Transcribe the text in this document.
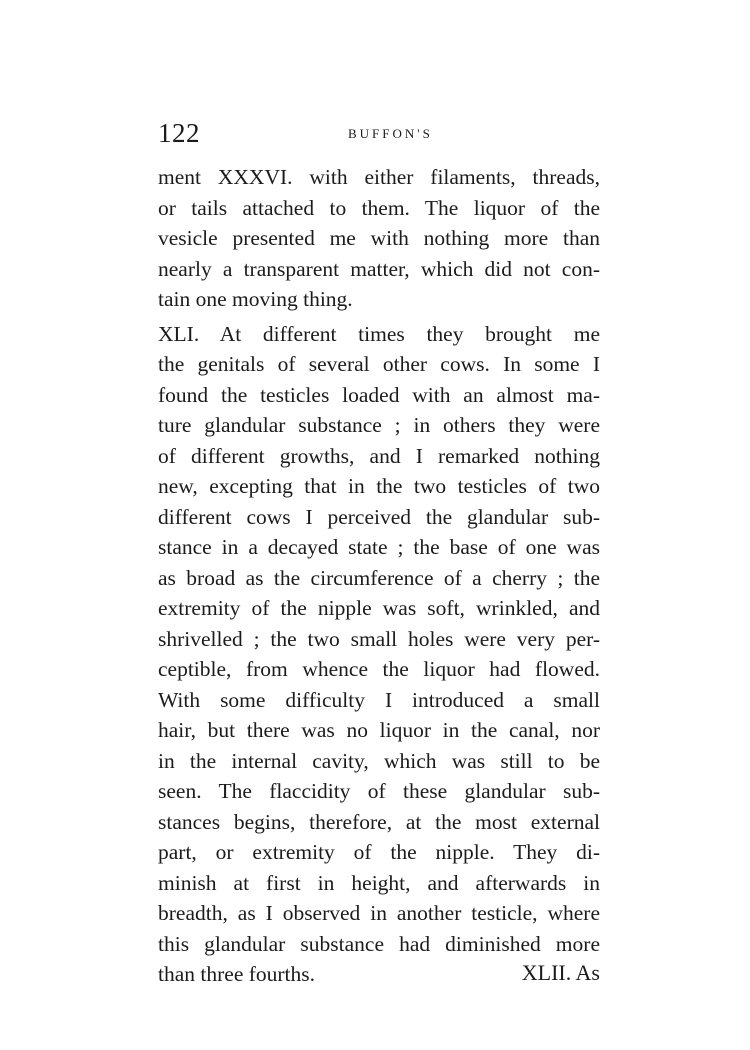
122	BUFFON'S
ment XXXVI. with either filaments, threads,
or tails attached to them. The liquor of the
vesicle presented me with nothing more than
nearly a transparent matter, which did not con-
tain one moving thing.
XLI. At different times they brought me
the genitals of several other cows. In some I
found the testicles loaded with an almost ma-
ture glandular substance ; in others they were
of different growths, and I remarked nothing
new, excepting that in the two testicles of two
different cows I perceived the glandular sub-
stance in a decayed state ; the base of one was
as broad as the circumference of a cherry ; the
extremity of the nipple was soft, wrinkled, and
shrivelled ; the two small holes were very per-
ceptible, from whence the liquor had flowed.
With some difficulty I introduced a small
hair, but there was no liquor in the canal, nor
in the internal cavity, which was still to be
seen. The flaccidity of these glandular sub-
stances begins, therefore, at the most external
part, or extremity of the nipple. They di-
minish at first in height, and afterwards in
breadth, as I observed in another testicle, where
this glandular substance had diminished more
than three fourths.	XLII. As
